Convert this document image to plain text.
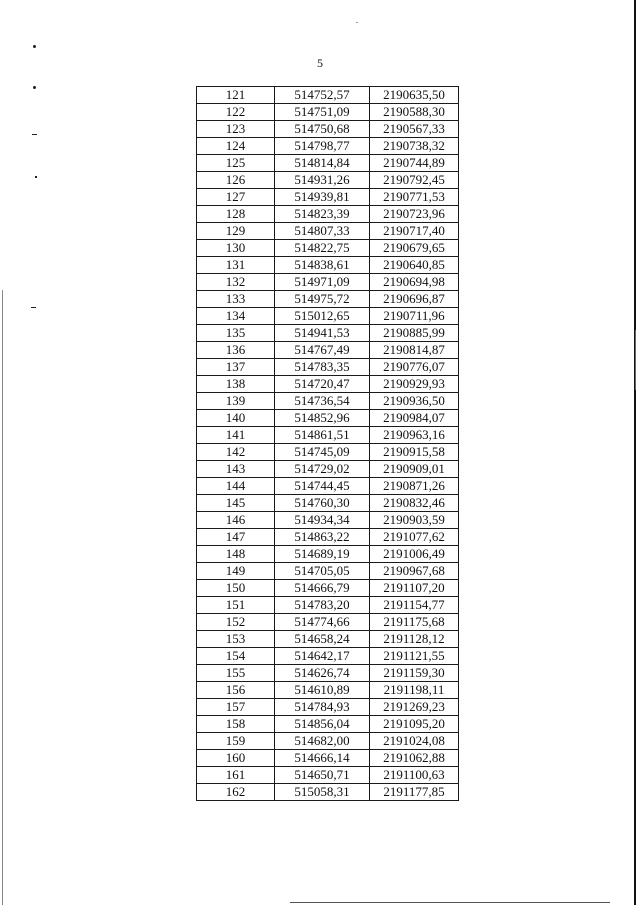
5
121	514752,57	2190635,50
122	514751,09	2190588,30
123	514750,68	2190567,33
124	514798,77	2190738,32
125	514814,84	2190744,89
126	514931,26	2190792,45
127	514939,81	2190771,53
128	514823,39	2190723,96
129	514807,33	2190717,40
130	514822,75	2190679,65
131	514838,61	2190640,85
132	514971,09	2190694,98
133	514975,72	2190696,87
134	515012,65	2190711,96
135	514941,53	2190885,99
136	514767,49	2190814,87
137	514783,35	2190776,07
138	514720,47	2190929,93
139	514736,54	2190936,50
140	514852,96	2190984,07
141	514861,51	2190963,16
142	514745,09	2190915,58
143	514729,02	2190909,01
144	514744,45	2190871,26
145	514760,30	2190832,46
146	514934,34	2190903,59
147	514863,22	2191077,62
148	514689,19	2191006,49
149	514705,05	2190967,68
150	514666,79	2191107,20
151	514783,20	2191154,77
152	514774,66	2191175,68
153	514658,24	2191128,12
154	514642,17	2191121,55
155	514626,74	2191159,30
156	514610,89	2191198,11
157	514784,93	2191269,23
158	514856,04	2191095,20
159	514682,00	2191024,08
160	514666,14	2191062,88
161	514650,71	2191100,63
162	515058,31	2191177,85
